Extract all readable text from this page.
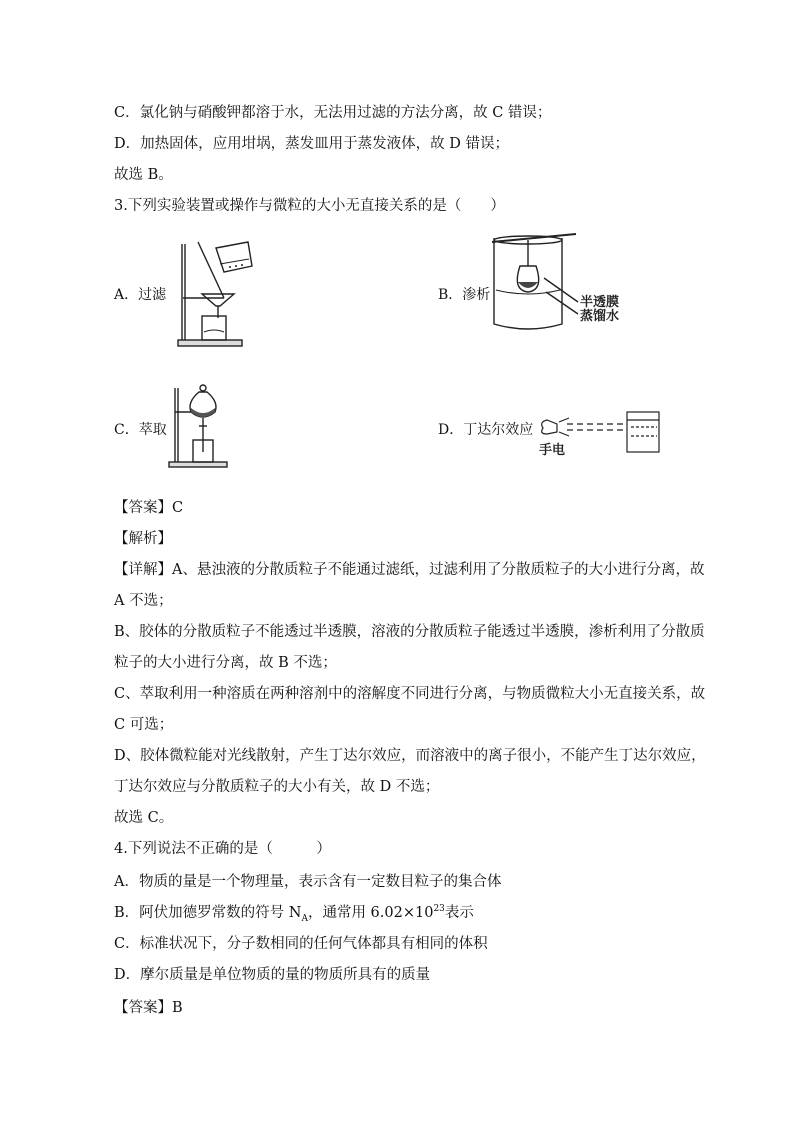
C．氯化钠与硝酸钾都溶于水，无法用过滤的方法分离，故 C 错误；
D．加热固体，应用坩埚，蒸发皿用于蒸发液体，故 D 错误；
故选 B。
3.下列实验装置或操作与微粒的大小无直接关系的是（　　）
A．过滤	B．渗析
C．萃取	D．丁达尔效应
半透膜
蒸馏水
手电
【答案】C
【解析】
【详解】A、悬浊液的分散质粒子不能通过滤纸，过滤利用了分散质粒子的大小进行分离，故
A 不选；
B、胶体的分散质粒子不能透过半透膜，溶液的分散质粒子能透过半透膜，渗析利用了分散质
粒子的大小进行分离，故 B 不选；
C、萃取利用一种溶质在两种溶剂中的溶解度不同进行分离，与物质微粒大小无直接关系，故
C 可选；
D、胶体微粒能对光线散射，产生丁达尔效应，而溶液中的离子很小，不能产生丁达尔效应，
丁达尔效应与分散质粒子的大小有关，故 D 不选；
故选 C。
4.下列说法不正确的是（　　　）
A．物质的量是一个物理量，表示含有一定数目粒子的集合体
B．阿伏加德罗常数的符号 $N_A$，通常用 $6.02\times 10^{23}$表示
C．标准状况下，分子数相同的任何气体都具有相同的体积
D．摩尔质量是单位物质的量的物质所具有的质量
【答案】B
